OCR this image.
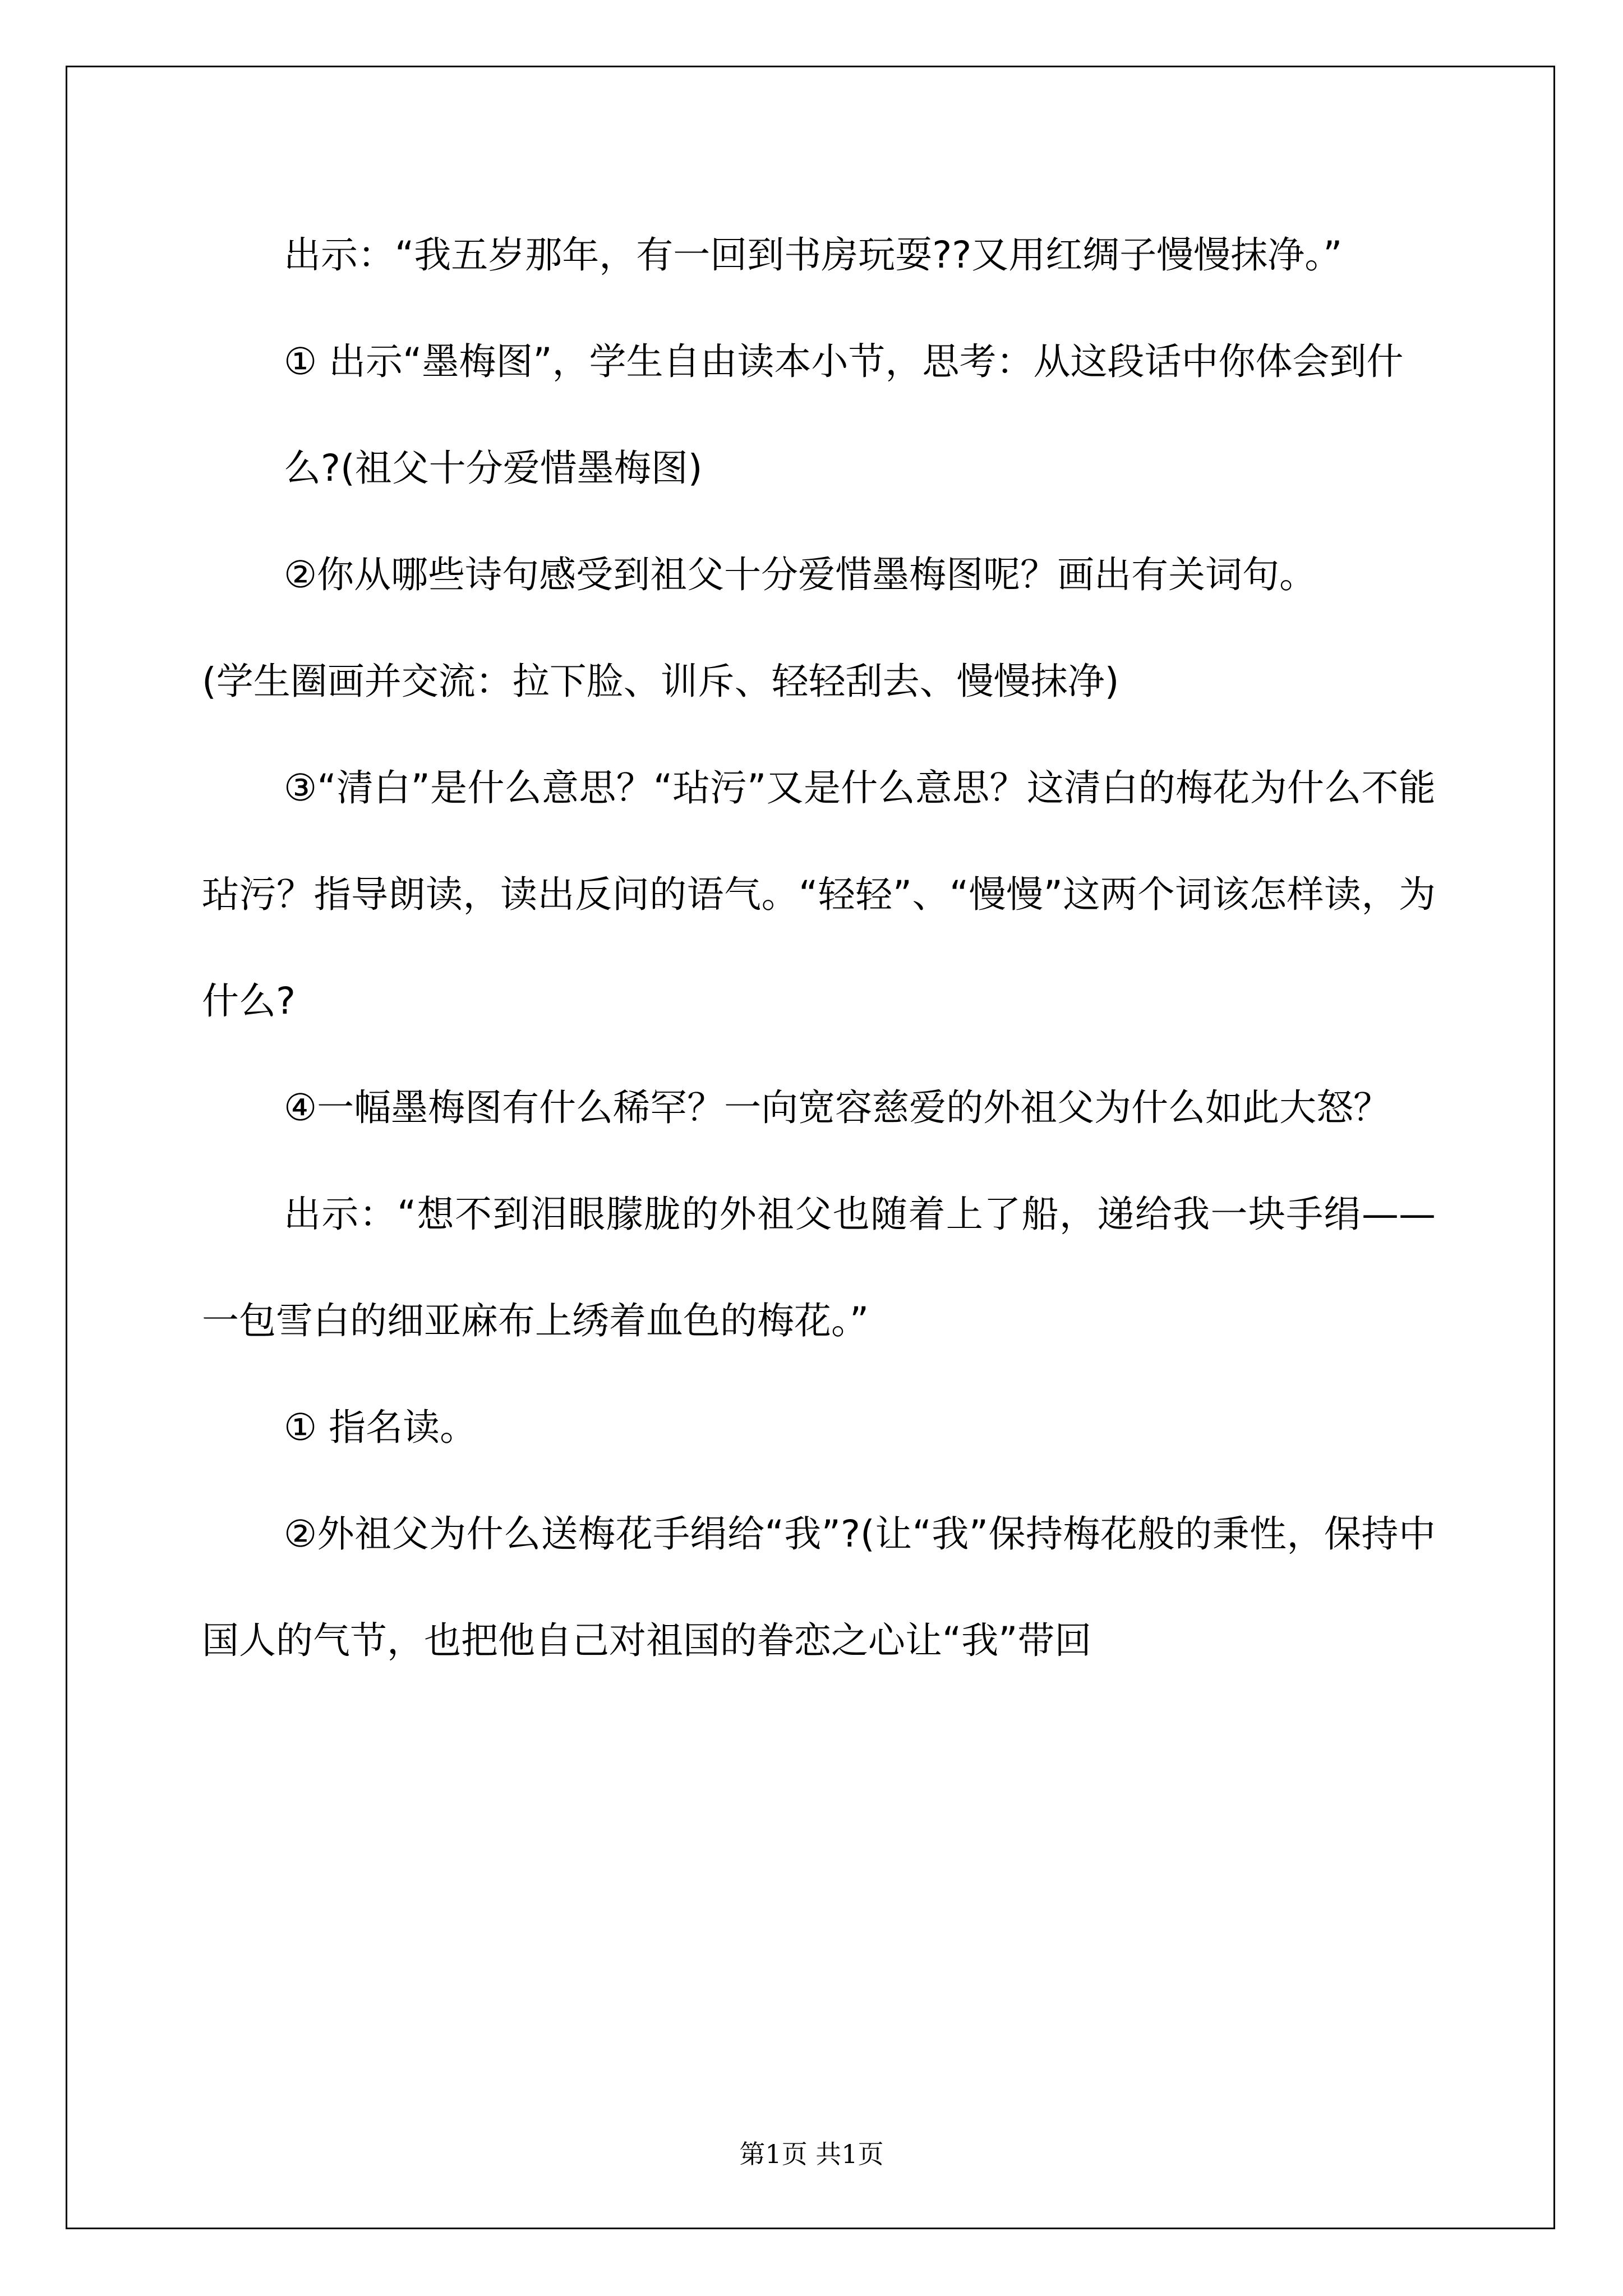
出示：“我五岁那年，有一回到书房玩耍??又用红绸子慢慢抹净。”

① 出示“墨梅图”，学生自由读本小节，思考：从这段话中你体会到什

么?(祖父十分爱惜墨梅图)

②你从哪些诗句感受到祖父十分爱惜墨梅图呢？画出有关词句。

(学生圈画并交流：拉下脸、训斥、轻轻刮去、慢慢抹净)

③“清白”是什么意思？“玷污”又是什么意思？这清白的梅花为什么不能玷污？指导朗读，读出反问的语气。“轻轻”、“慢慢”这两个词该怎样读，为什么?

④一幅墨梅图有什么稀罕？一向宽容慈爱的外祖父为什么如此大怒？

出示：“想不到泪眼朦胧的外祖父也随着上了船，递给我一块手绢—— 一包雪白的细亚麻布上绣着血色的梅花。”

① 指名读。

②外祖父为什么送梅花手绢给“我”?(让“我”保持梅花般的秉性，保持中国人的气节，也把他自己对祖国的眷恋之心让“我”带回

第1页 共1页
